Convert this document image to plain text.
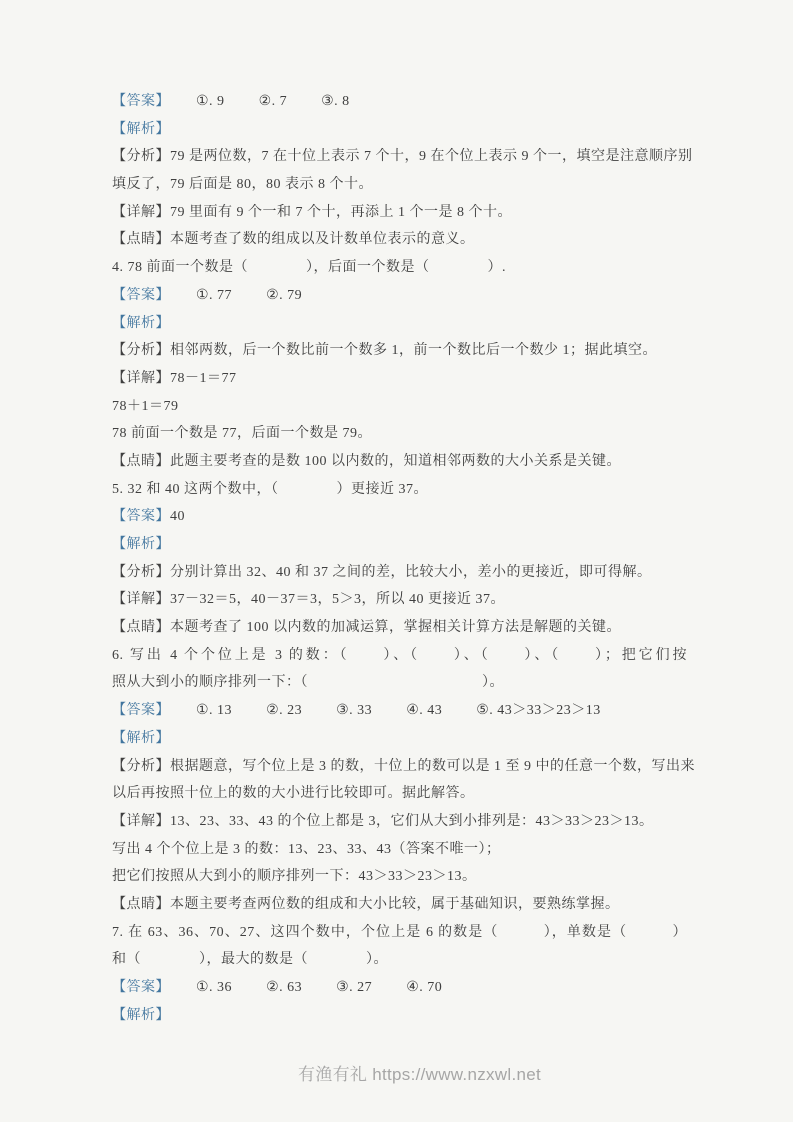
【答案】 ①. 9 ②. 7 ③. 8
【解析】
【分析】79 是两位数，7 在十位上表示 7 个十，9 在个位上表示 9 个一，填空是注意顺序别
填反了，79 后面是 80，80 表示 8 个十。
【详解】79 里面有 9 个一和 7 个十，再添上 1 个一是 8 个十。
【点睛】本题考查了数的组成以及计数单位表示的意义。
4. 78 前面一个数是（　　　　），后面一个数是（　　　　）.
【答案】 ①. 77 ②. 79
【解析】
【分析】相邻两数，后一个数比前一个数多 1，前一个数比后一个数少 1；据此填空。
【详解】78－1＝77
78＋1＝79
78 前面一个数是 77，后面一个数是 79。
【点睛】此题主要考查的是数 100 以内数的，知道相邻两数的大小关系是关键。
5. 32 和 40 这两个数中，（　　　　）更接近 37。
【答案】40
【解析】
【分析】分别计算出 32、40 和 37 之间的差，比较大小，差小的更接近，即可得解。
【详解】37－32＝5，40－37＝3，5＞3，所以 40 更接近 37。
【点睛】本题考查了 100 以内数的加减运算，掌握相关计算方法是解题的关键。
6. 写出 4 个个位上是 3 的数：（　　）、（　　）、（　　）、（　　）；把它们按
照从大到小的顺序排列一下：（　　　　　　　　　　　　）。
【答案】 ①. 13 ②. 23 ③. 33 ④. 43 ⑤. 43＞33＞23＞13
【解析】
【分析】根据题意，写个位上是 3 的数，十位上的数可以是 1 至 9 中的任意一个数，写出来
以后再按照十位上的数的大小进行比较即可。据此解答。
【详解】13、23、33、43 的个位上都是 3，它们从大到小排列是：43＞33＞23＞13。
写出 4 个个位上是 3 的数：13、23、33、43（答案不唯一）；
把它们按照从大到小的顺序排列一下：43＞33＞23＞13。
【点睛】本题主要考查两位数的组成和大小比较，属于基础知识，要熟练掌握。
7. 在 63、36、70、27、这四个数中，个位上是 6 的数是（　　　），单数是（　　　）
和（　　　　），最大的数是（　　　　）。
【答案】 ①. 36 ②. 63 ③. 27 ④. 70
【解析】
有渔有礼 https://www.nzxwl.net
